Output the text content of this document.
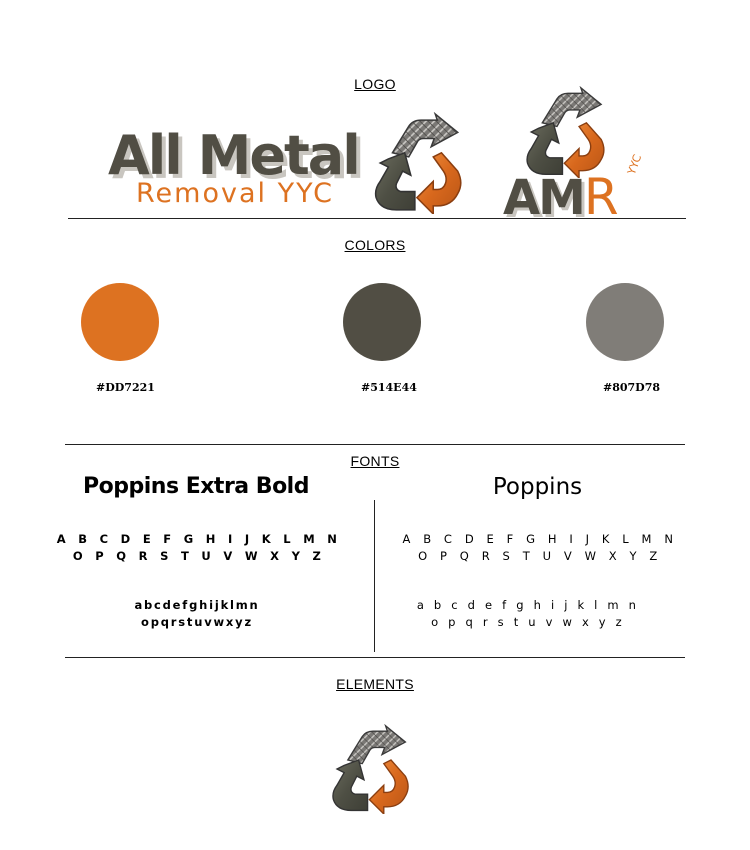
LOGO
All Metal
Removal YYC	AMR
YYC
COLORS
#DD7221	#514E44	#807D78
FONTS
Poppins Extra Bold	Poppins
A B C D E F G H I J K L M N
O P Q R S T U V W X Y Z
abcdefghijklmn
opqrstuvwxyz
A B C D E F G H I J K L M N
O P Q R S T U V W X Y Z
a b c d e f g h i j k l m n
o p q r s t u v w x y z
ELEMENTS
